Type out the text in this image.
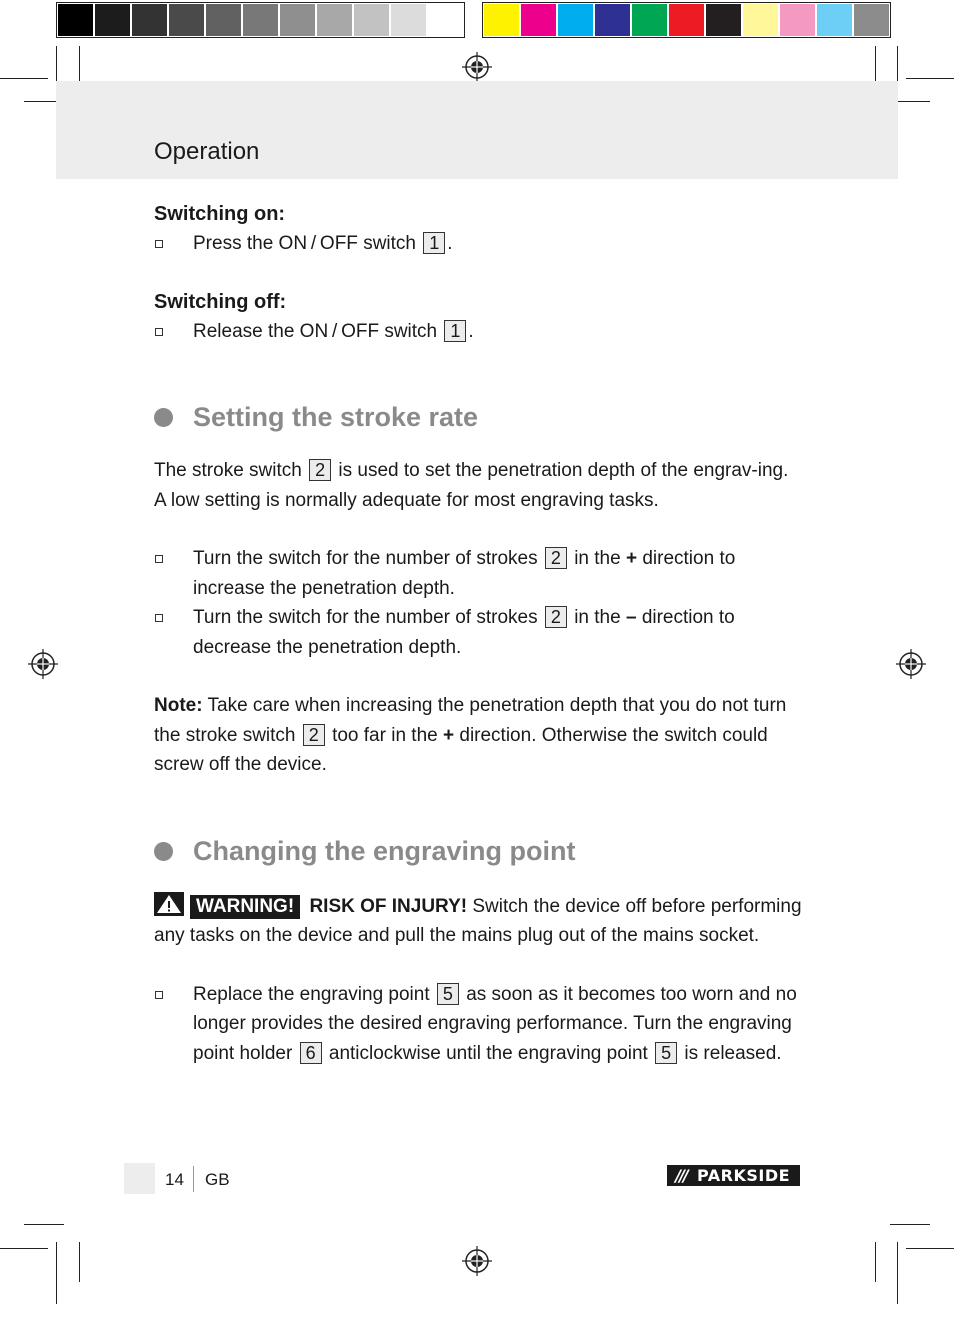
Operation

Switching on:

Press the ON / OFF switch 1 .

Switching off:

Release the ON / OFF switch 1 .

Setting the stroke rate

The stroke switch 2 is used to set the penetration depth of the engrav-ing. A low setting is normally adequate for most engraving tasks.

Turn the switch for the number of strokes 2 in the + direction to increase the penetration depth.

Turn the switch for the number of strokes 2 in the – direction to decrease the penetration depth.

Note: Take care when increasing the penetration depth that you do not turn the stroke switch 2 too far in the + direction. Otherwise the switch could screw off the device.

Changing the engraving point

WARNING! RISK OF INJURY! Switch the device off before performing any tasks on the device and pull the mains plug out of the mains socket.

Replace the engraving point 5 as soon as it becomes too worn and no longer provides the desired engraving performance. Turn the engraving point holder 6 anticlockwise until the engraving point 5 is released.

14 GB	/// PARKSIDE
